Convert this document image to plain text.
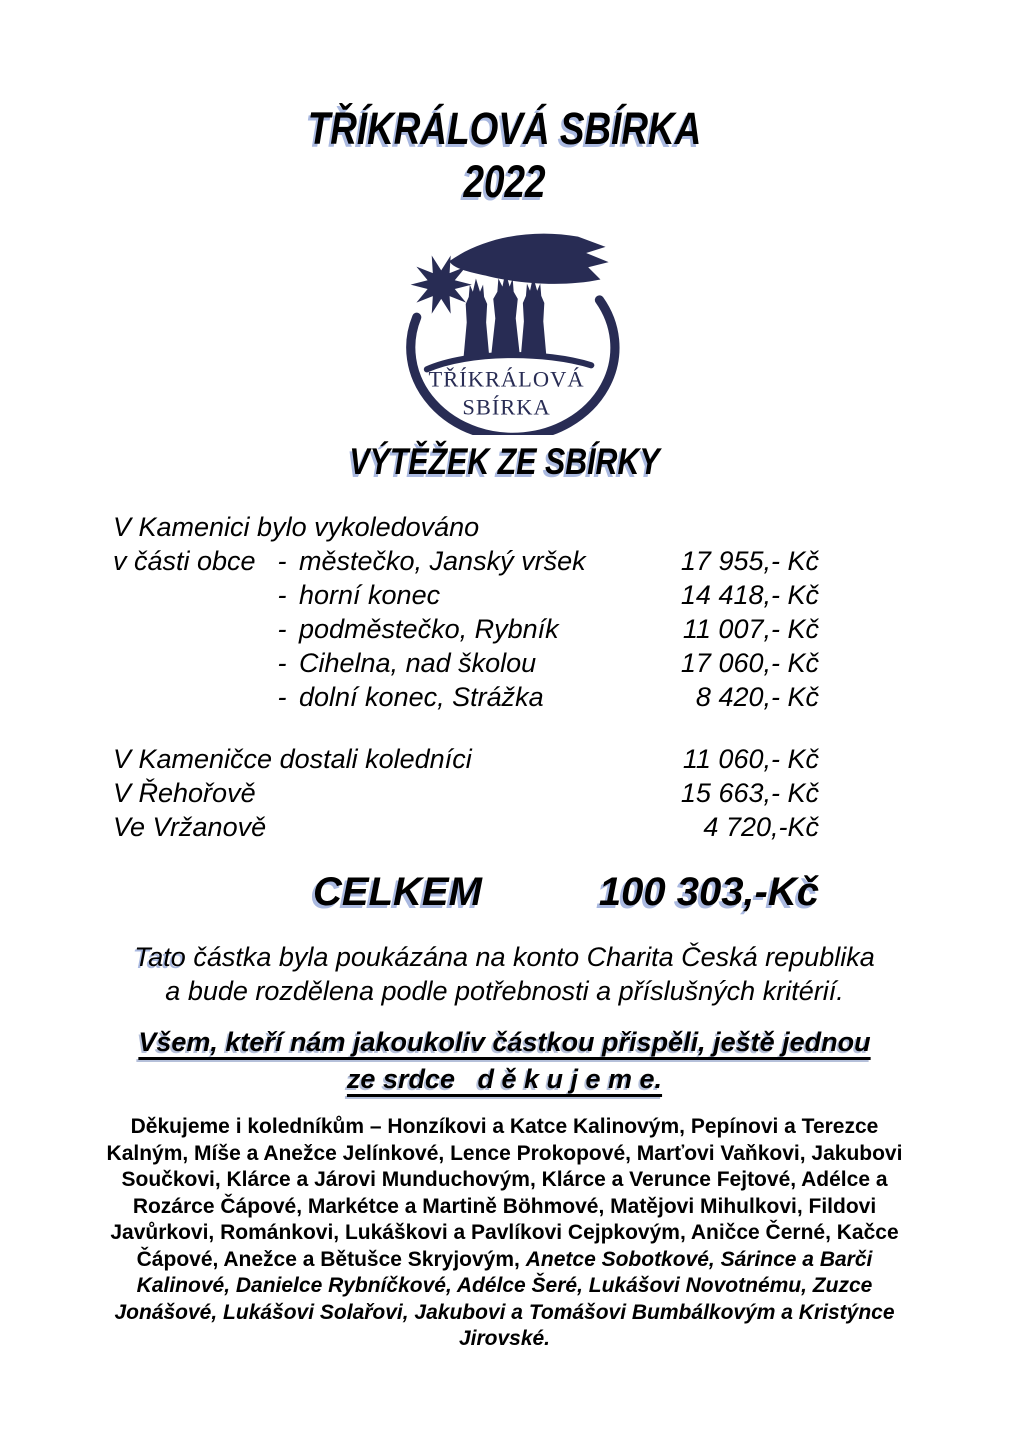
TŘÍKRÁLOVÁ SBÍRKA
2022
TŘÍKRÁLOVÁ
SBÍRKA
VÝTĚŽEK ZE SBÍRKY
V Kamenici bylo vykoledováno
v části obce - městečko, Janský vršek	17 955,- Kč
- horní konec	14 418,- Kč
- podměstečko, Rybník	11 007,- Kč
- Cihelna, nad školou	17 060,- Kč
- dolní konec, Strážka	8 420,- Kč
V Kameničce dostali koledníci	11 060,- Kč
V Řehořově	15 663,- Kč
Ve Vržanově	4 720,-Kč
CELKEM	100 303,-Kč
Tato částka byla poukázána na konto Charita Česká republika
a bude rozdělena podle potřebnosti a příslušných kritérií.
Všem, kteří nám jakoukoliv částkou přispěli, ještě jednou
ze srdce   d ě k u j e m e.

Děkujeme i koledníkům – Honzíkovi a Katce Kalinovým, Pepínovi a Terezce Kalným, Míše a Anežce Jelínkové, Lence Prokopové, Marťovi Vaňkovi, Jakubovi Součkovi, Klárce a Járovi Munduchovým, Klárce a Verunce Fejtové, Adélce a Rozárce Čápové, Markétce a Martině Böhmové, Matějovi Mihulkovi, Fildovi Javůrkovi, Románkovi, Lukáškovi a Pavlíkovi Cejpkovým, Aničce Černé, Kačce Čápové, Anežce a Bětušce Skryjovým, Anetce Sobotkové, Sárince a Barči Kalinové, Danielce Rybníčkové, Adélce Šeré, Lukášovi Novotnému, Zuzce Jonášové, Lukášovi Solařovi, Jakubovi a Tomášovi Bumbálkovým a Kristýnce Jirovské.
